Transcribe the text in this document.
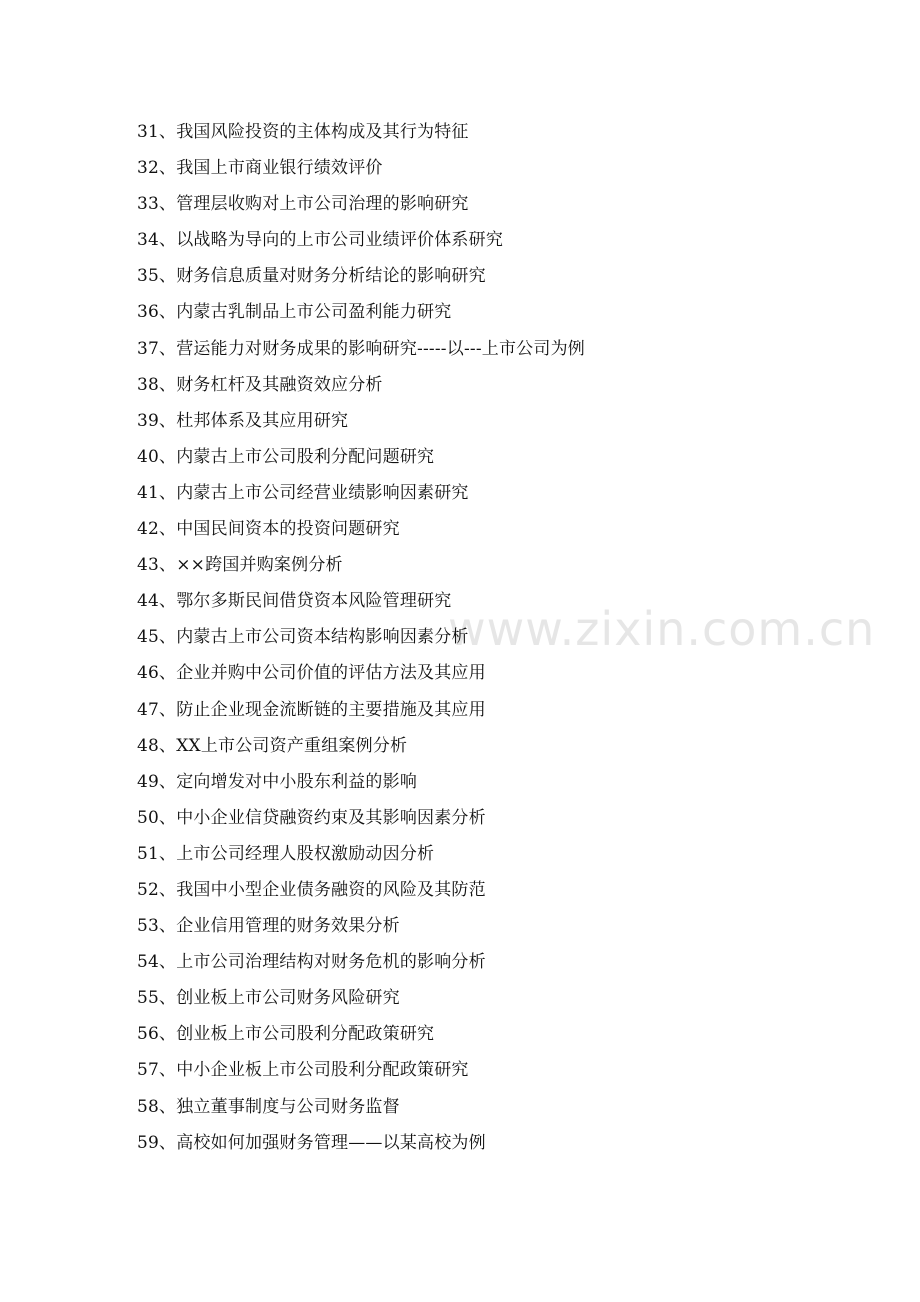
www.zixin.com.cn
31、我国风险投资的主体构成及其行为特征
32、我国上市商业银行绩效评价
33、管理层收购对上市公司治理的影响研究
34、以战略为导向的上市公司业绩评价体系研究
35、财务信息质量对财务分析结论的影响研究
36、内蒙古乳制品上市公司盈利能力研究
37、营运能力对财务成果的影响研究-----以---上市公司为例
38、财务杠杆及其融资效应分析
39、杜邦体系及其应用研究
40、内蒙古上市公司股利分配问题研究
41、内蒙古上市公司经营业绩影响因素研究
42、中国民间资本的投资问题研究
43、××跨国并购案例分析
44、鄂尔多斯民间借贷资本风险管理研究
45、内蒙古上市公司资本结构影响因素分析
46、企业并购中公司价值的评估方法及其应用
47、防止企业现金流断链的主要措施及其应用
48、XX上市公司资产重组案例分析
49、定向增发对中小股东利益的影响
50、中小企业信贷融资约束及其影响因素分析
51、上市公司经理人股权激励动因分析
52、我国中小型企业债务融资的风险及其防范
53、企业信用管理的财务效果分析
54、上市公司治理结构对财务危机的影响分析
55、创业板上市公司财务风险研究
56、创业板上市公司股利分配政策研究
57、中小企业板上市公司股利分配政策研究
58、独立董事制度与公司财务监督
59、高校如何加强财务管理——以某高校为例
